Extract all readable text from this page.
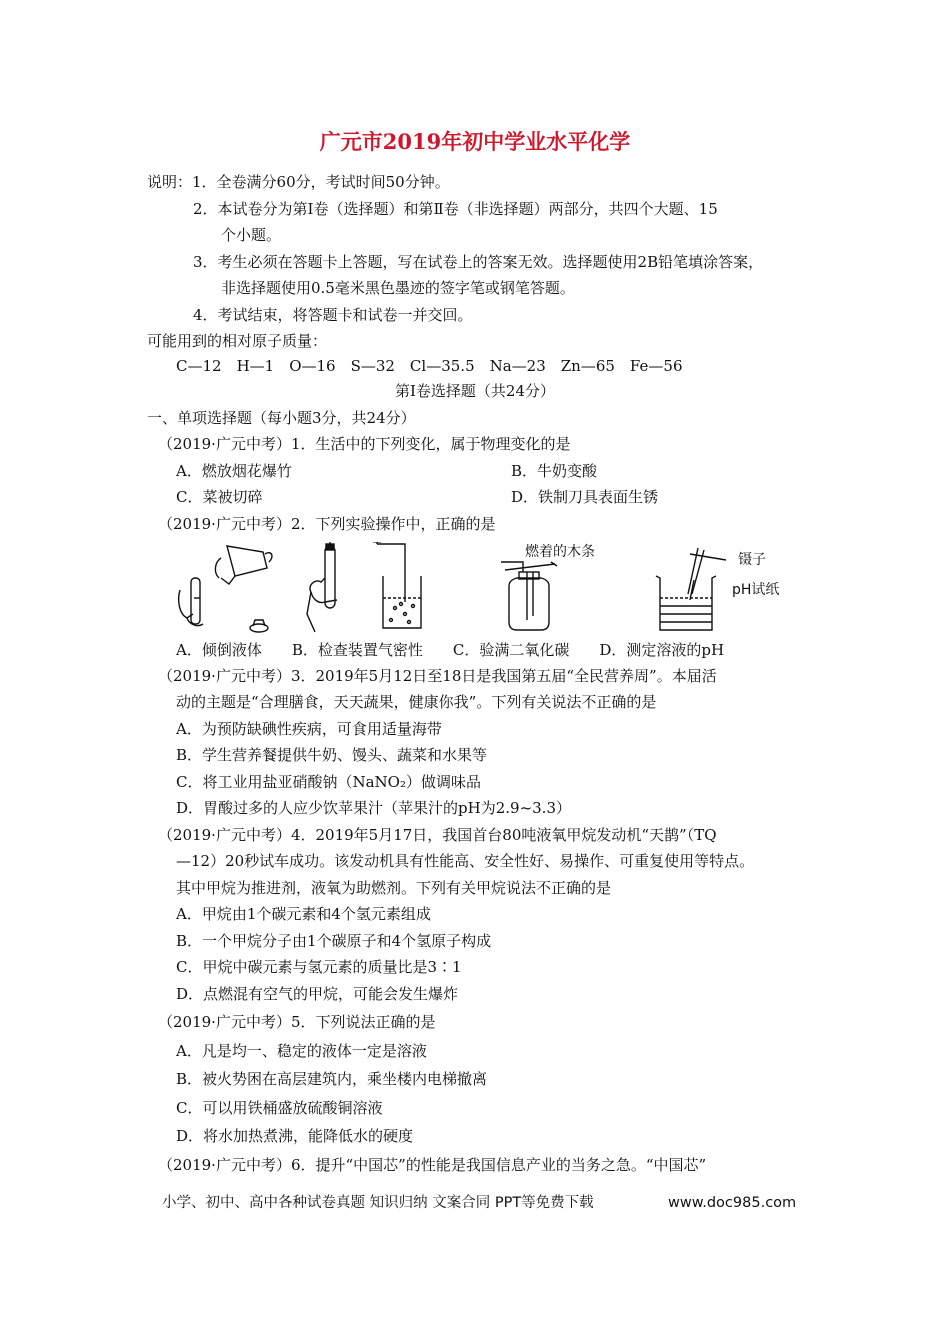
广元市2019年初中学业水平化学
说明：1．全卷满分60分，考试时间50分钟。
2．本试卷分为第Ⅰ卷（选择题）和第Ⅱ卷（非选择题）两部分，共四个大题、15
个小题。
3．考生必须在答题卡上答题，写在试卷上的答案无效。选择题使用2B铅笔填涂答案，
非选择题使用0.5毫米黑色墨迹的签字笔或钢笔答题。
4．考试结束，将答题卡和试卷一并交回。
可能用到的相对原子质量：
C—12　H—1　O—16　S—32　Cl—35.5　Na—23　Zn—65　Fe—56
第Ⅰ卷选择题（共24分）
一、单项选择题（每小题3分，共24分）
（2019·广元中考）1．生活中的下列变化，属于物理变化的是
A．燃放烟花爆竹	B．牛奶变酸
C．菜被切碎	D．铁制刀具表面生锈
（2019·广元中考）2．下列实验操作中，正确的是
燃着的木条	镊子
pH试纸
A．倾倒液体　　B．检查装置气密性　　C．验满二氧化碳　　D．测定溶液的pH
（2019·广元中考）3．2019年5月12日至18日是我国第五届“全民营养周”。本届活
动的主题是“合理膳食，天天蔬果，健康你我”。下列有关说法不正确的是
A．为预防缺碘性疾病，可食用适量海带
B．学生营养餐提供牛奶、馒头、蔬菜和水果等
C．将工业用盐亚硝酸钠（NaNO₂）做调味品
D．胃酸过多的人应少饮苹果汁（苹果汁的pH为2.9~3.3）
（2019·广元中考）4．2019年5月17日，我国首台80吨液氧甲烷发动机“天鹊”（TQ
—12）20秒试车成功。该发动机具有性能高、安全性好、易操作、可重复使用等特点。
其中甲烷为推进剂，液氧为助燃剂。下列有关甲烷说法不正确的是
A．甲烷由1个碳元素和4个氢元素组成
B．一个甲烷分子由1个碳原子和4个氢原子构成
C．甲烷中碳元素与氢元素的质量比是3∶1
D．点燃混有空气的甲烷，可能会发生爆炸
（2019·广元中考）5．下列说法正确的是
A．凡是均一、稳定的液体一定是溶液
B．被火势困在高层建筑内，乘坐楼内电梯撤离
C．可以用铁桶盛放硫酸铜溶液
D．将水加热煮沸，能降低水的硬度
（2019·广元中考）6．提升“中国芯”的性能是我国信息产业的当务之急。“中国芯”
小学、初中、高中各种试卷真题 知识归纳 文案合同 PPT等免费下载	www.doc985.com
